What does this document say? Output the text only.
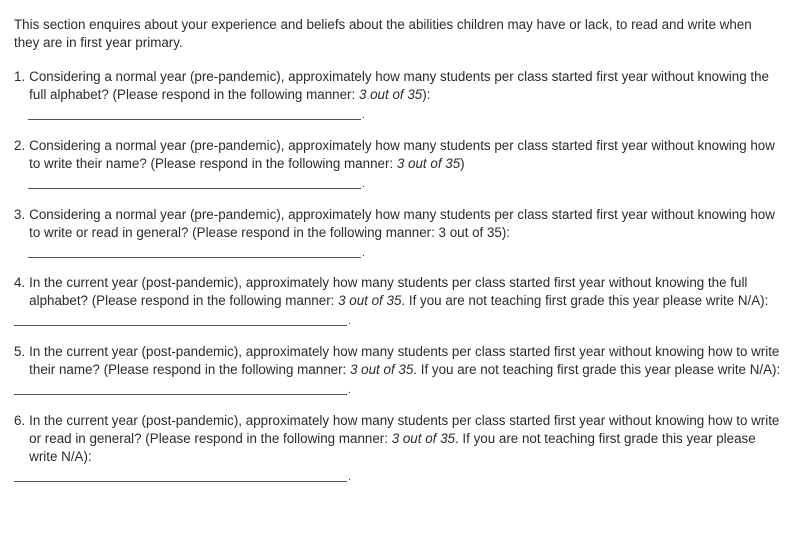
This section enquires about your experience and beliefs about the abilities children may have or lack, to read and write when they are in first year primary.

1. Considering a normal year (pre-pandemic), approximately how many students per class started first year without knowing the full alphabet? (Please respond in the following manner: 3 out of 35):
.
2. Considering a normal year (pre-pandemic), approximately how many students per class started first year without knowing how to write their name? (Please respond in the following manner: 3 out of 35)
.
3. Considering a normal year (pre-pandemic), approximately how many students per class started first year without knowing how to write or read in general? (Please respond in the following manner: 3 out of 35):
.
4. In the current year (post-pandemic), approximately how many students per class started first year without knowing the full alphabet? (Please respond in the following manner: 3 out of 35. If you are not teaching first grade this year please write N/A):
.
5. In the current year (post-pandemic), approximately how many students per class started first year without knowing how to write their name? (Please respond in the following manner: 3 out of 35. If you are not teaching first grade this year please write N/A):
.
6. In the current year (post-pandemic), approximately how many students per class started first year without knowing how to write or read in general? (Please respond in the following manner: 3 out of 35. If you are not teaching first grade this year please write N/A):
.
